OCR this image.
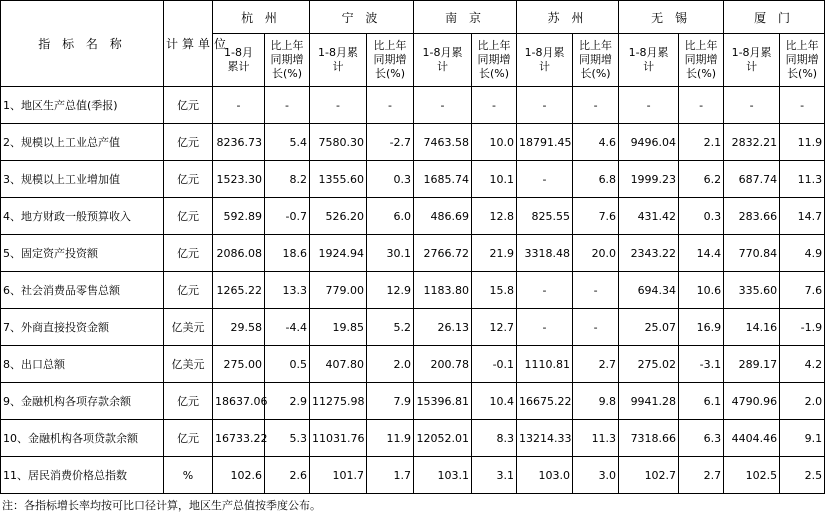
指 标 名 称	计算单位	杭 州		宁 波		南 京		苏 州		无 锡		厦 门	
		1-8月累计	比上年同期增长(%)	1-8月累计	比上年同期增长(%)	1-8月累计	比上年同期增长(%)	1-8月累计	比上年同期增长(%)	1-8月累计	比上年同期增长(%)	1-8月累计	比上年同期增长(%)
1、地区生产总值(季报)	亿元	-	-	-	-	-	-	-	-	-	-	-	-
2、规模以上工业总产值	亿元	8236.73	5.4	7580.30	-2.7	7463.58	10.0	18791.45	4.6	9496.04	2.1	2832.21	11.9
3、规模以上工业增加值	亿元	1523.30	8.2	1355.60	0.3	1685.74	10.1	-	6.8	1999.23	6.2	687.74	11.3
4、地方财政一般预算收入	亿元	592.89	-0.7	526.20	6.0	486.69	12.8	825.55	7.6	431.42	0.3	283.66	14.7
5、固定资产投资额	亿元	2086.08	18.6	1924.94	30.1	2766.72	21.9	3318.48	20.0	2343.22	14.4	770.84	4.9
6、社会消费品零售总额	亿元	1265.22	13.3	779.00	12.9	1183.80	15.8	-	-	694.34	10.6	335.60	7.6
7、外商直接投资金额	亿美元	29.58	-4.4	19.85	5.2	26.13	12.7	-	-	25.07	16.9	14.16	-1.9
8、出口总额	亿美元	275.00	0.5	407.80	2.0	200.78	-0.1	1110.81	2.7	275.02	-3.1	289.17	4.2
9、金融机构各项存款余额	亿元	18637.06	2.9	11275.98	7.9	15396.81	10.4	16675.22	9.8	9941.28	6.1	4790.96	2.0
10、金融机构各项贷款余额	亿元	16733.22	5.3	11031.76	11.9	12052.01	8.3	13214.33	11.3	7318.66	6.3	4404.46	9.1
11、居民消费价格总指数	%	102.6	2.6	101.7	1.7	103.1	3.1	103.0	3.0	102.7	2.7	102.5	2.5
注：各指标增长率均按可比口径计算，地区生产总值按季度公布。
